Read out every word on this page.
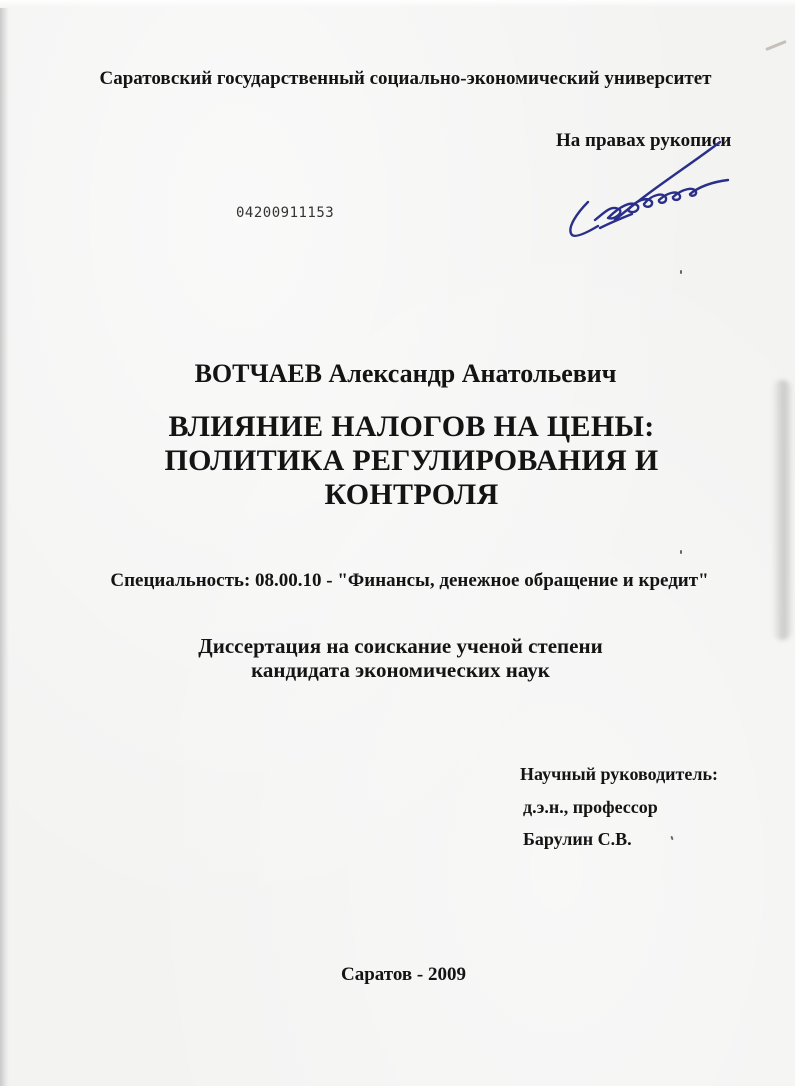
Саратовский государственный социально-экономический университет
На правах рукописи
04200911153
ВОТЧАЕВ Александр Анатольевич
ВЛИЯНИЕ НАЛОГОВ НА ЦЕНЫ:
ПОЛИТИКА РЕГУЛИРОВАНИЯ И
КОНТРОЛЯ
Специальность: 08.00.10 - "Финансы, денежное обращение и кредит"
Диссертация на соискание ученой степени
кандидата экономических наук
Научный руководитель:
д.э.н., профессор
Барулин С.В.
Саратов - 2009
